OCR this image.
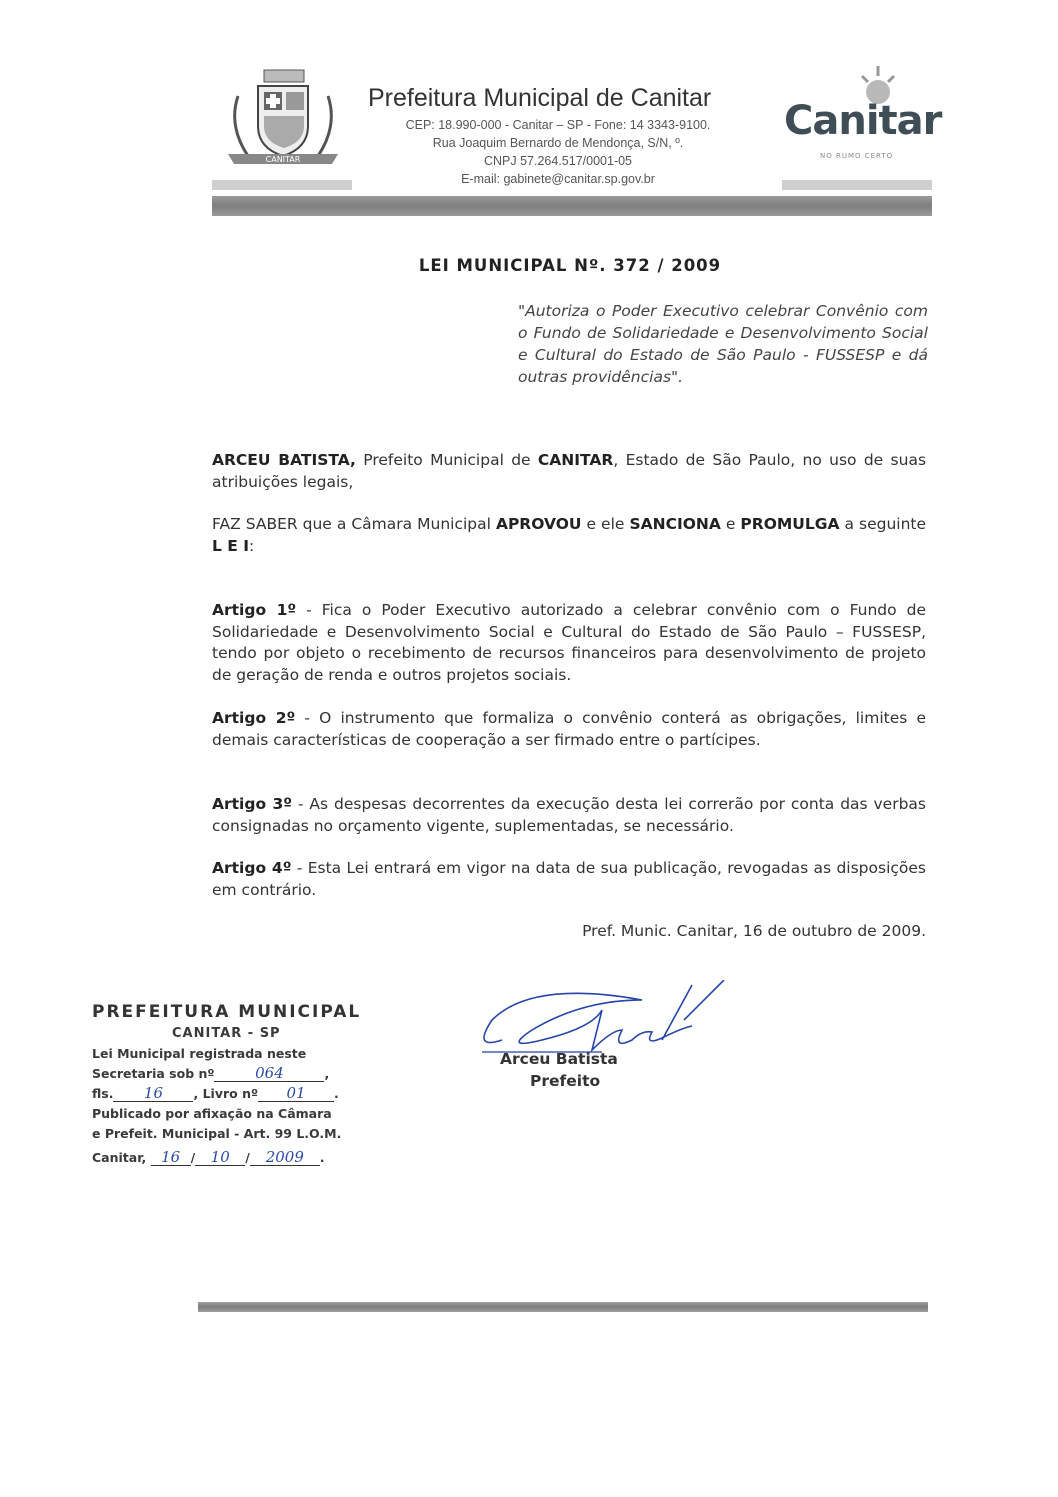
CANITAR
Prefeitura Municipal de Canitar
CEP: 18.990-000 - Canitar – SP - Fone: 14 3343-9100.
Rua Joaquim Bernardo de Mendonça, S/N, º.
CNPJ 57.264.517/0001-05
E-mail: gabinete@canitar.sp.gov.br
Canitar
NO RUMO CERTO
LEI MUNICIPAL Nº. 372 / 2009
"Autoriza o Poder Executivo celebrar Convênio com o Fundo de Solidariedade e Desenvolvimento Social e Cultural do Estado de São Paulo - FUSSESP e dá outras providências".
ARCEU BATISTA, Prefeito Municipal de CANITAR, Estado de São Paulo, no uso de suas atribuições legais,
FAZ SABER que a Câmara Municipal APROVOU e ele SANCIONA e PROMULGA a seguinte L E I:
Artigo 1º - Fica o Poder Executivo autorizado a celebrar convênio com o Fundo de Solidariedade e Desenvolvimento Social e Cultural do Estado de São Paulo – FUSSESP, tendo por objeto o recebimento de recursos financeiros para desenvolvimento de projeto de geração de renda e outros projetos sociais.
Artigo 2º - O instrumento que formaliza o convênio conterá as obrigações, limites e demais características de cooperação a ser firmado entre o partícipes.
Artigo 3º - As despesas decorrentes da execução desta lei correrão por conta das verbas consignadas no orçamento vigente, suplementadas, se necessário.
Artigo 4º - Esta Lei entrará em vigor na data de sua publicação, revogadas as disposições em contrário.
Pref. Munic. Canitar, 16 de outubro de 2009.
Arceu Batista
Prefeito
PREFEITURA MUNICIPAL
CANITAR - SP
Lei Municipal registrada neste
Secretaria sob nº	064	,
fls. 16 , Livro nº 01 .
Publicado por afixação na Câmara
e Prefeit. Municipal - Art. 99 L.O.M.
Canitar, 16 / 10 / 2009 .
